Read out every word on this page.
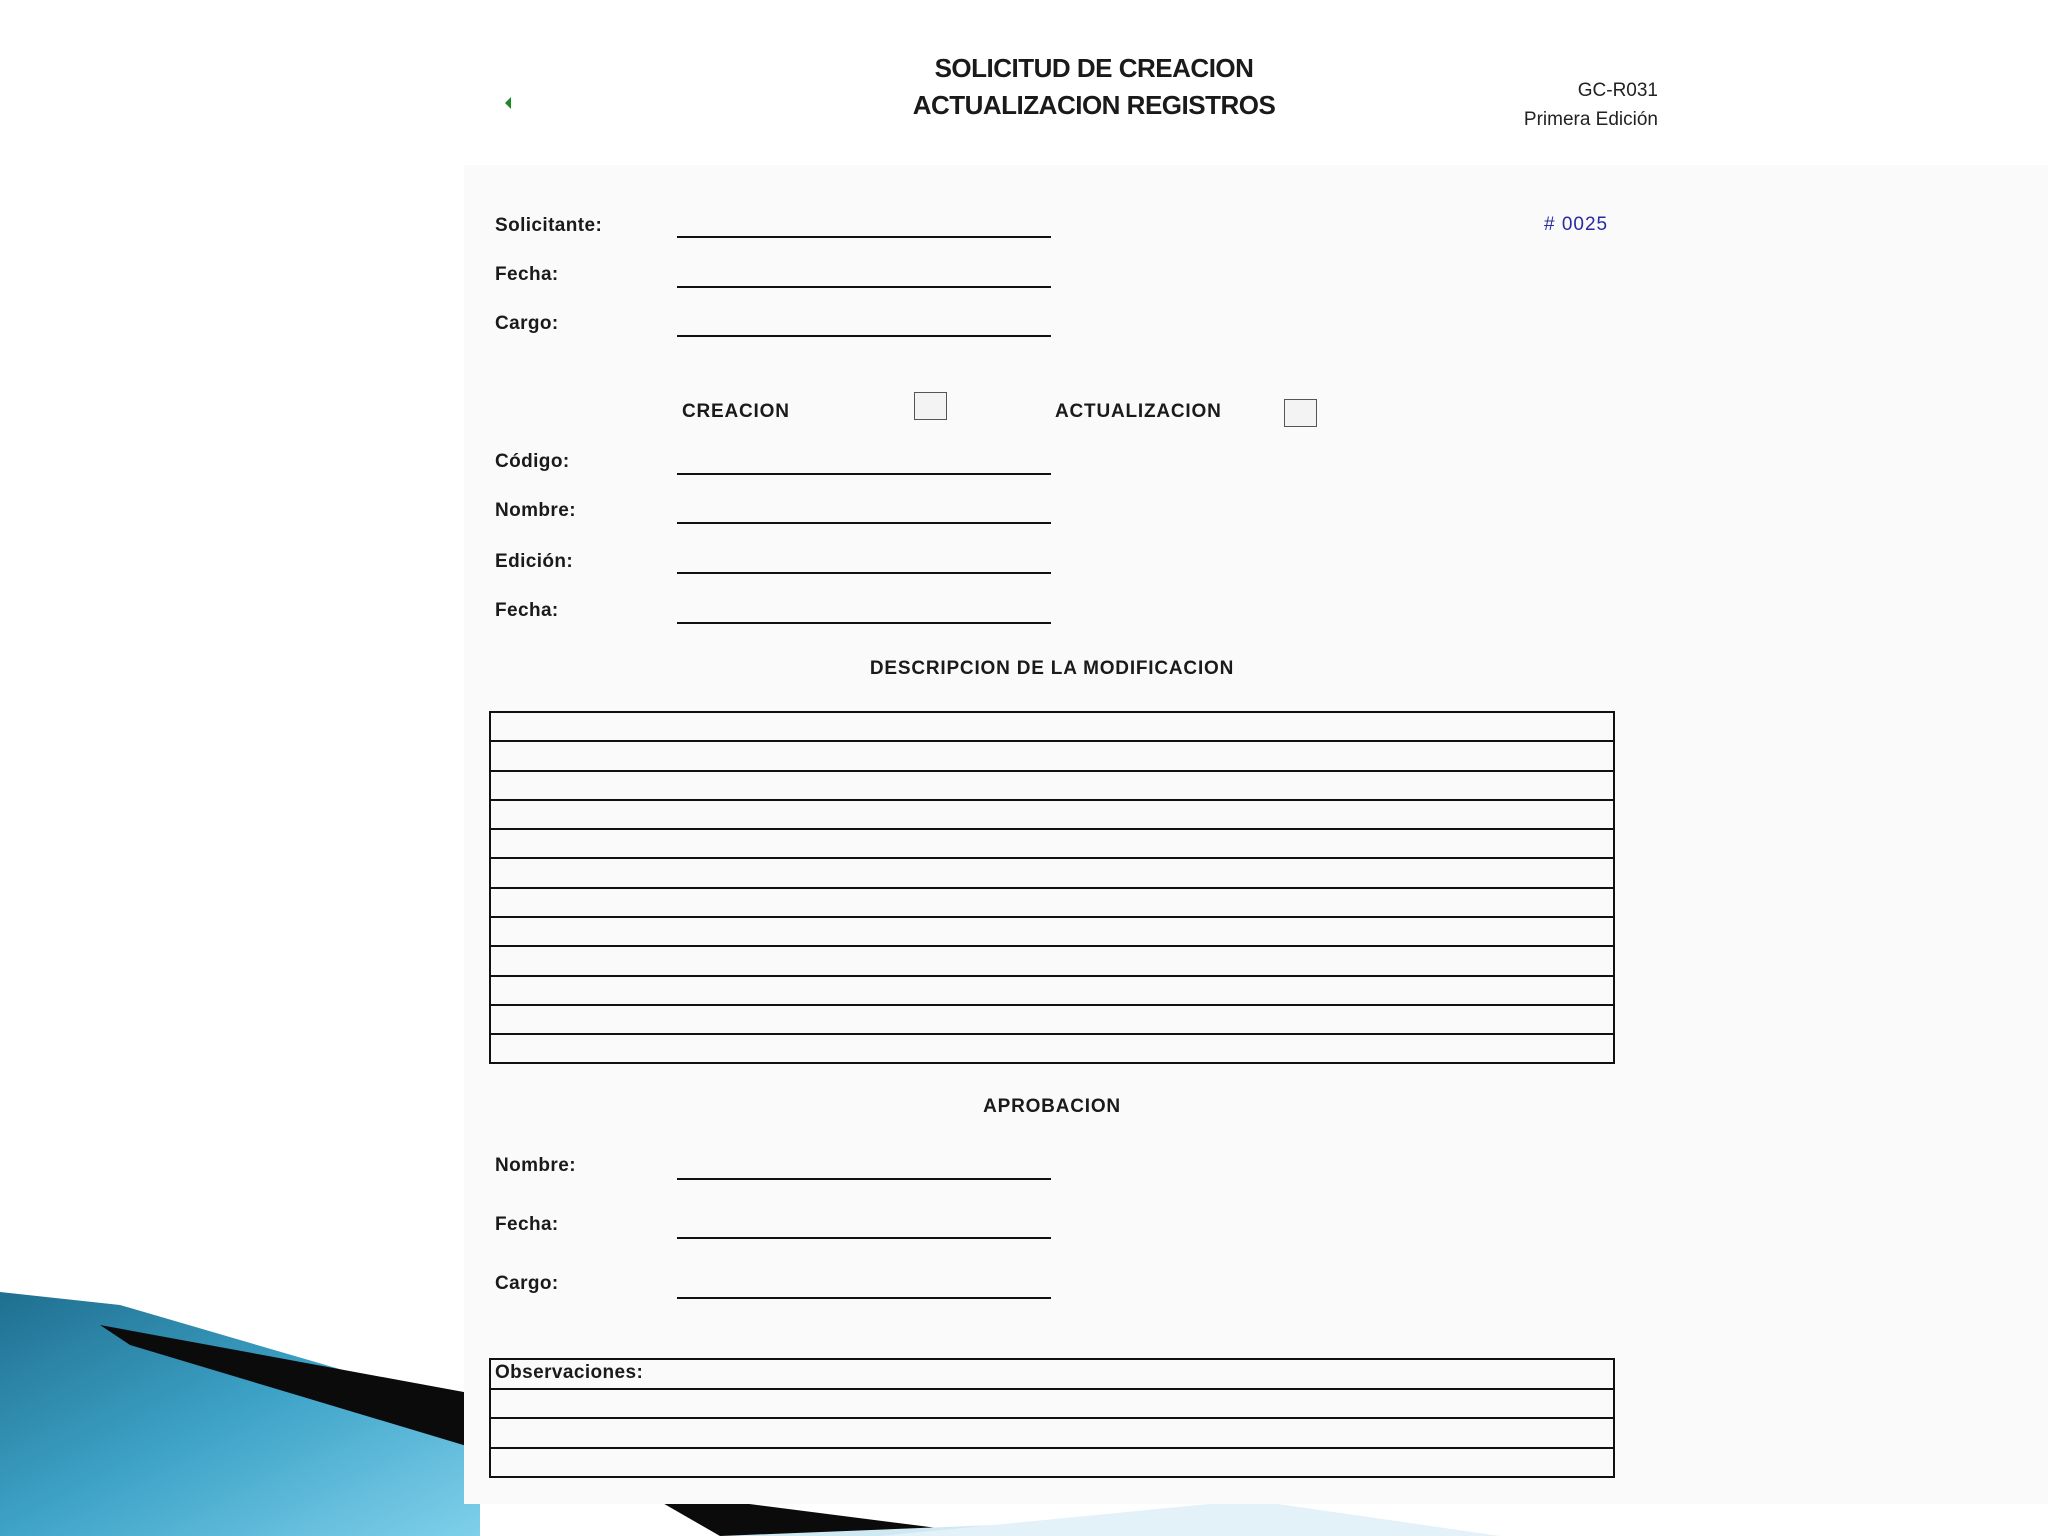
SOLICITUD DE CREACION
ACTUALIZACION REGISTROS	GC-R031
Primera Edición
# 0025
Solicitante:
Fecha:
Cargo:
CREACION	ACTUALIZACION
Código:
Nombre:
Edición:
Fecha:
DESCRIPCION DE LA MODIFICACION
APROBACION
Nombre:
Fecha:
Cargo:
Observaciones:
